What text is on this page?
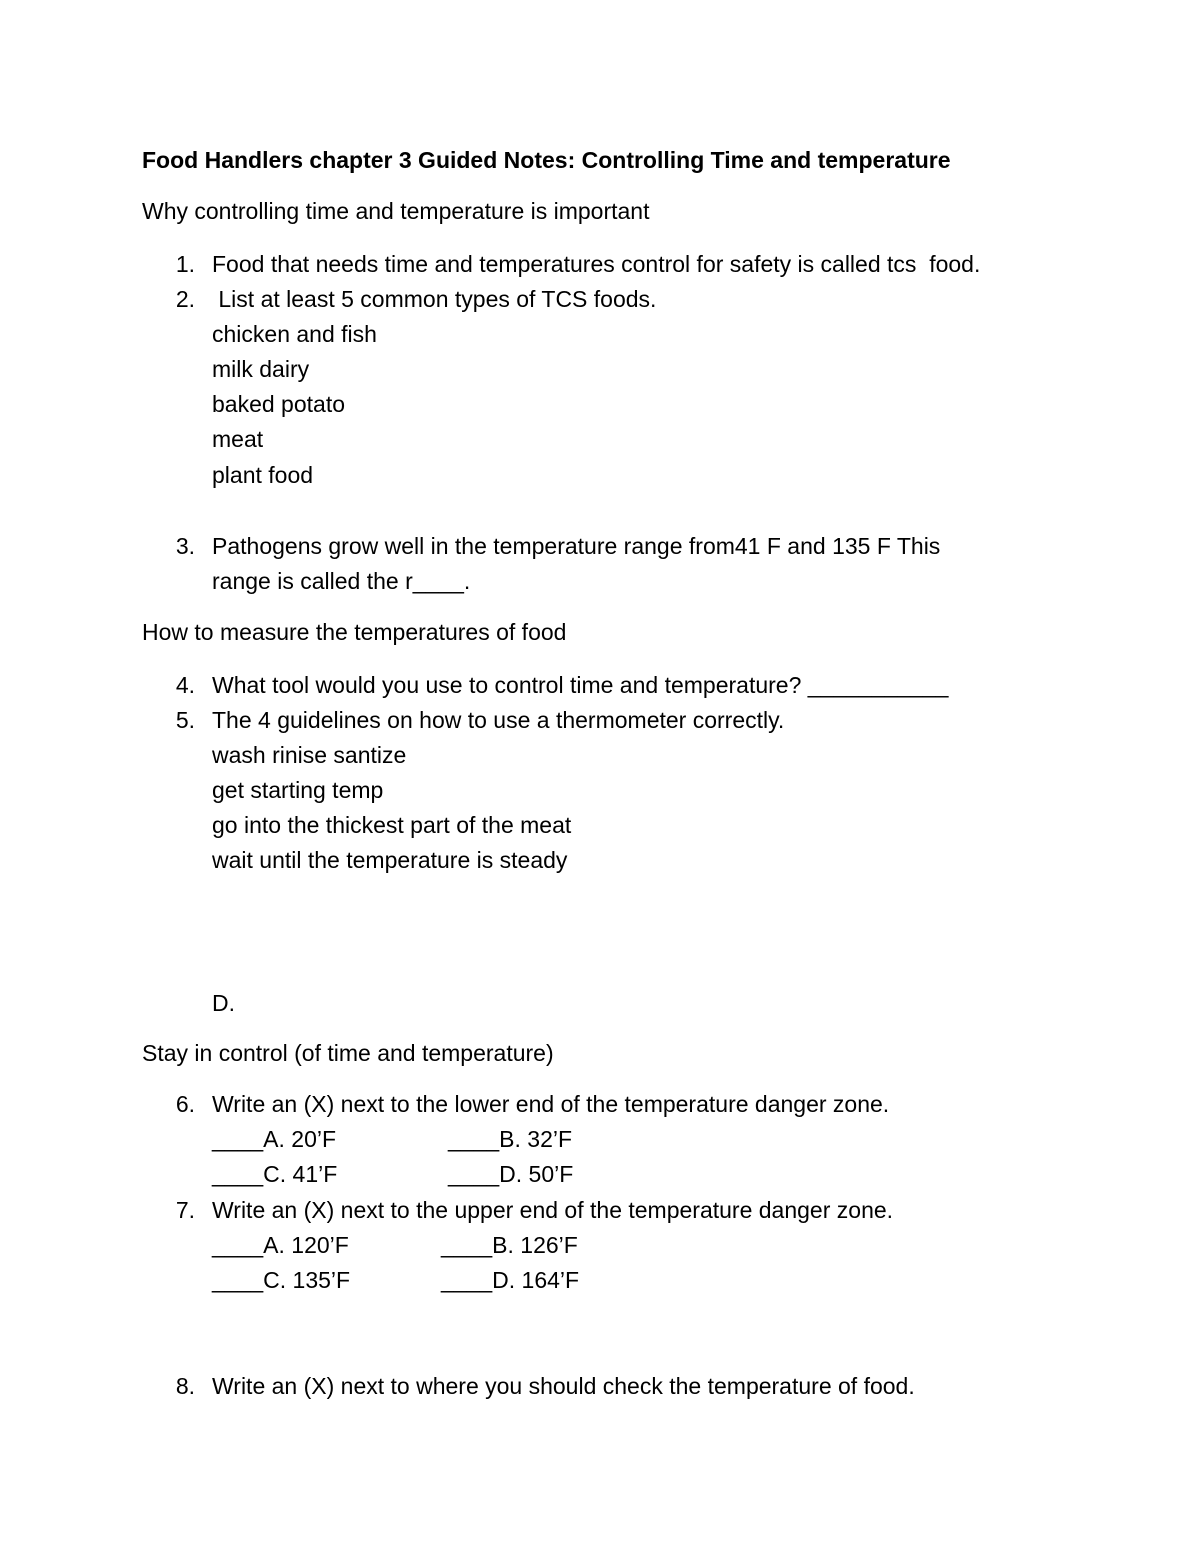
Food Handlers chapter 3 Guided Notes: Controlling Time and temperature
Why controlling time and temperature is important
1. Food that needs time and temperatures control for safety is called tcs  food.
2. List at least 5 common types of TCS foods.
chicken and fish
milk dairy
baked potato
meat
plant food
3. Pathogens grow well in the temperature range from41 F and 135 F This
range is called the r____.
How to measure the temperatures of food
4. What tool would you use to control time and temperature? ___________
5. The 4 guidelines on how to use a thermometer correctly.
wash rinise santize
get starting temp
go into the thickest part of the meat
wait until the temperature is steady
D.
Stay in control (of time and temperature)
6. Write an (X) next to the lower end of the temperature danger zone.
____A. 20’F	____B. 32’F
____C. 41’F	____D. 50’F
7. Write an (X) next to the upper end of the temperature danger zone.
____A. 120’F	____B. 126’F
____C. 135’F	____D. 164’F
8. Write an (X) next to where you should check the temperature of food.
